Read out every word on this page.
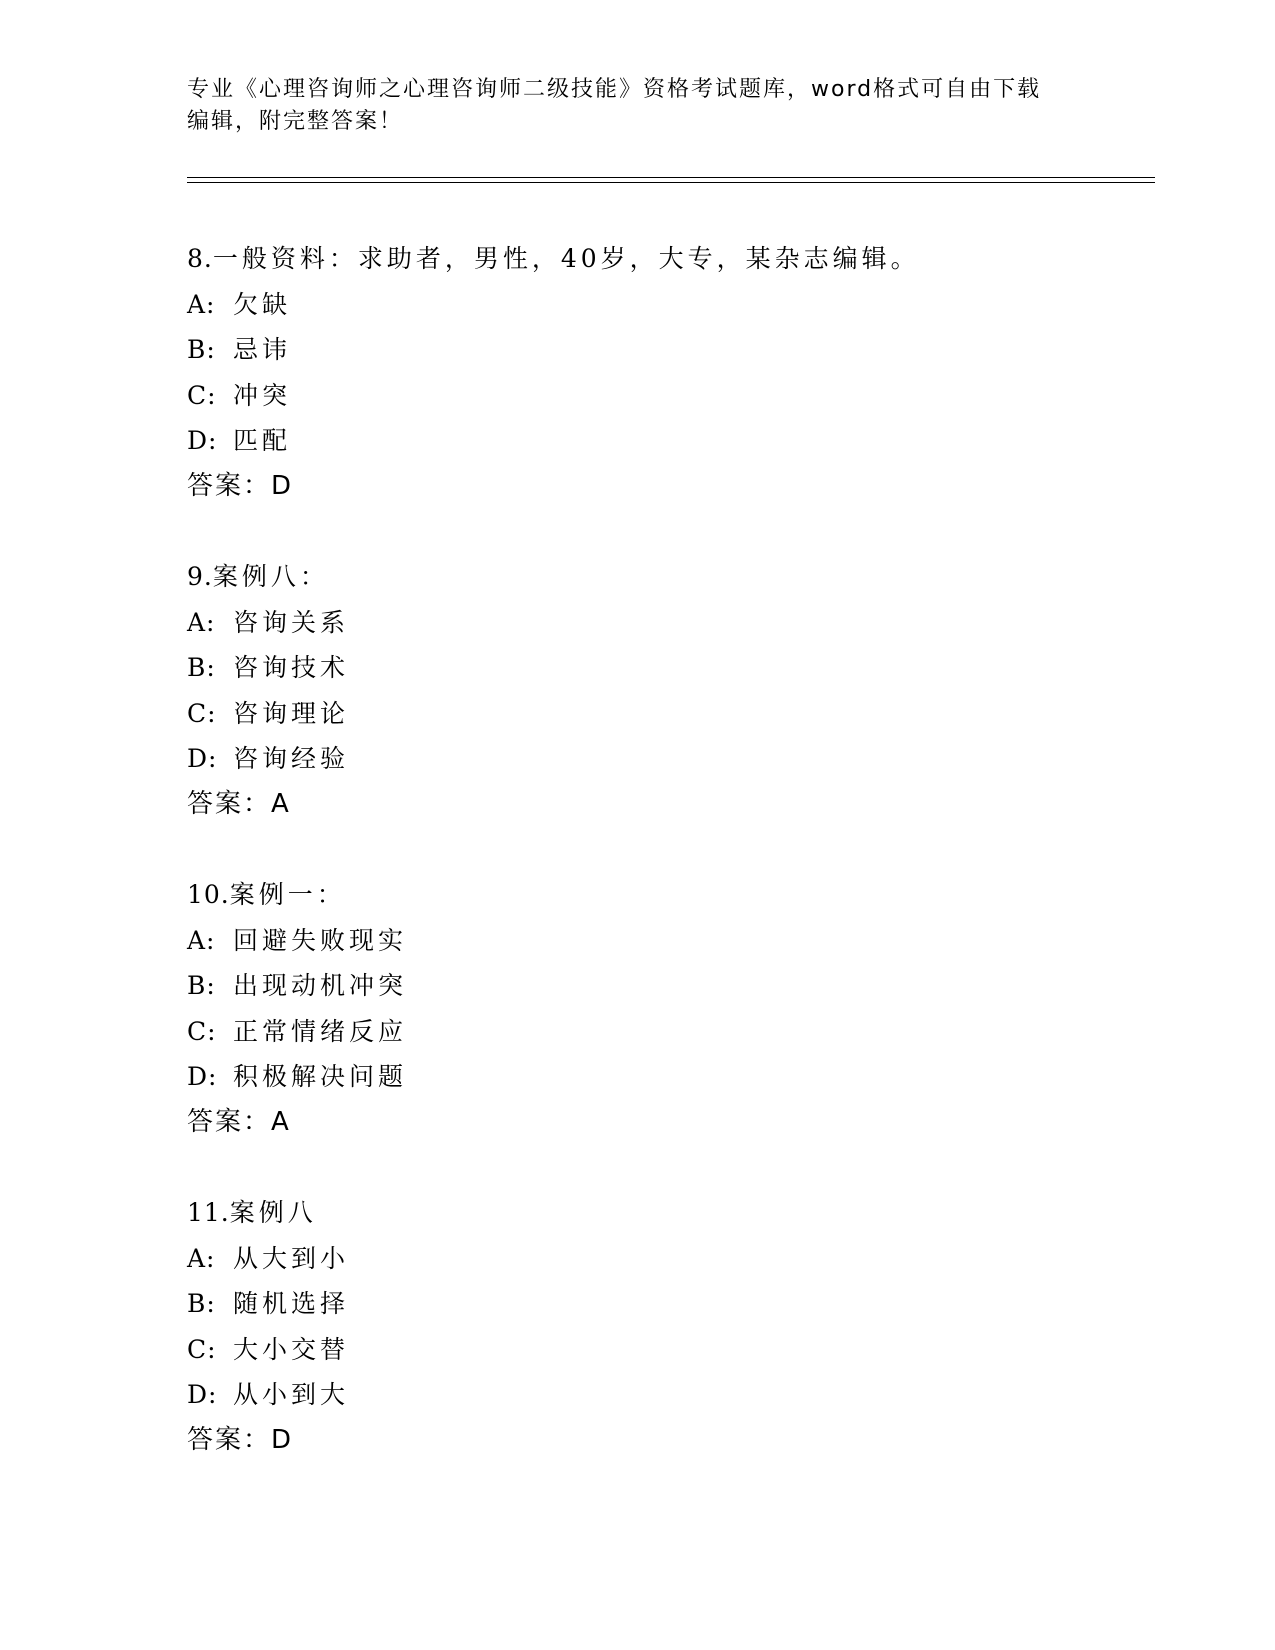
专业《心理咨询师之心理咨询师二级技能》资格考试题库，word格式可自由下载
编辑，附完整答案！
8.一般资料：求助者，男性，40岁，大专，某杂志编辑。
A: 欠缺
B: 忌讳
C: 冲突
D: 匹配
答案：D
9.案例八：
A: 咨询关系
B: 咨询技术
C: 咨询理论
D: 咨询经验
答案：A
10.案例一：
A: 回避失败现实
B: 出现动机冲突
C: 正常情绪反应
D: 积极解决问题
答案：A
11.案例八
A: 从大到小
B: 随机选择
C: 大小交替
D: 从小到大
答案：D
